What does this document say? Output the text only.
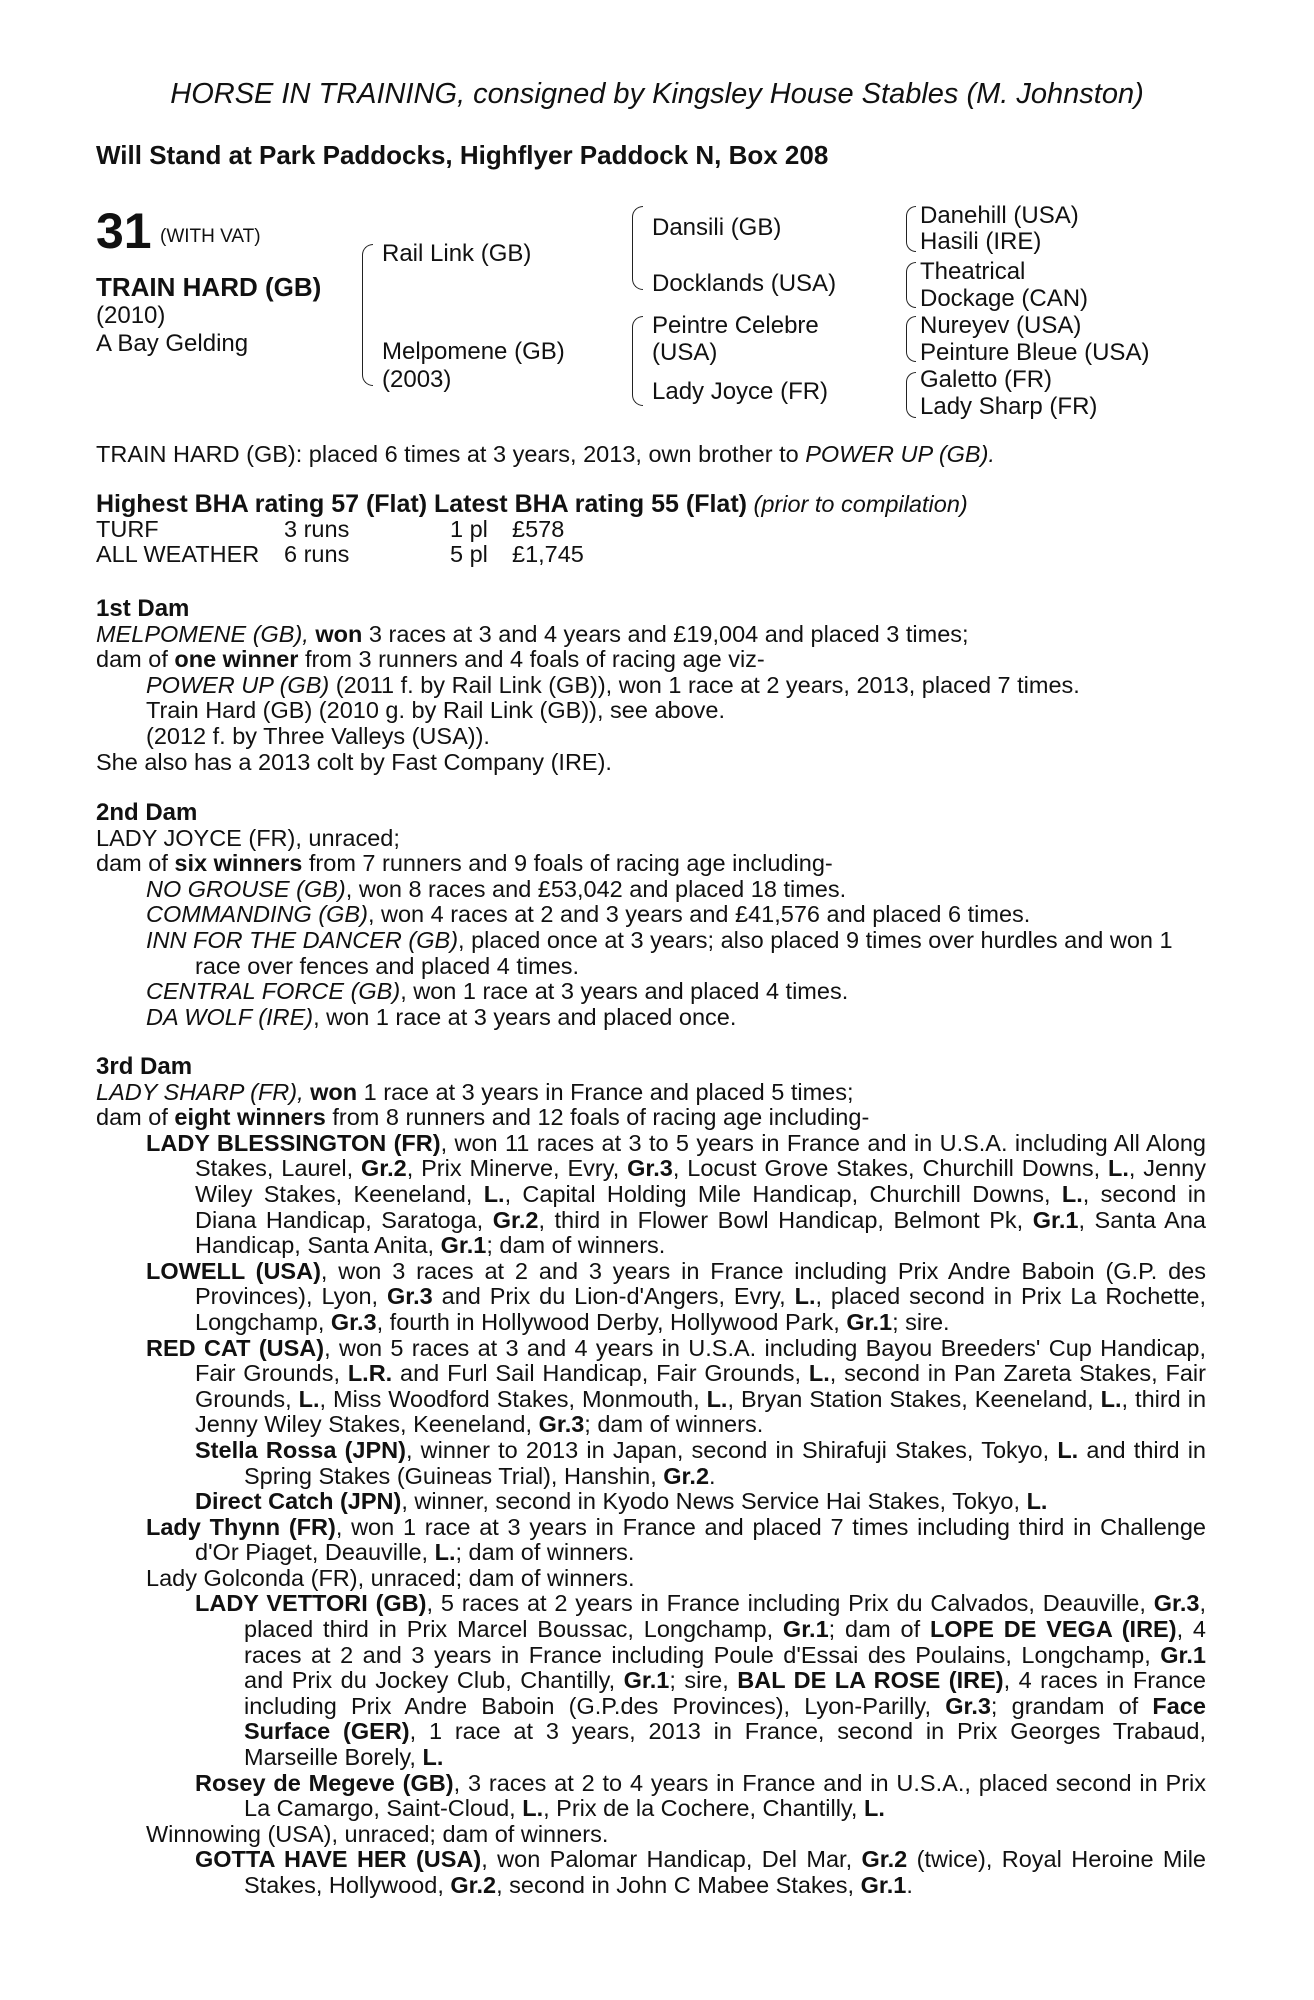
HORSE IN TRAINING, consigned by Kingsley House Stables (M. Johnston)
Will Stand at Park Paddocks, Highflyer Paddock N, Box 208
31 (WITH VAT)
TRAIN HARD (GB)
(2010)
A Bay Gelding
Rail Link (GB)
Melpomene (GB)
(2003)
Dansili (GB)
Docklands (USA)
Peintre Celebre
(USA)
Lady Joyce (FR)
Danehill (USA)
Hasili (IRE)
Theatrical
Dockage (CAN)
Nureyev (USA)
Peinture Bleue (USA)
Galetto (FR)
Lady Sharp (FR)
TRAIN HARD (GB): placed 6 times at 3 years, 2013, own brother to POWER UP (GB).

Highest BHA rating 57 (Flat) Latest BHA rating 55 (Flat) (prior to compilation)

TURF	3 runs	1 pl	£578
ALL WEATHER	6 runs	5 pl	£1,745

1st Dam

MELPOMENE (GB), won 3 races at 3 and 4 years and £19,004 and placed 3 times;

dam of one winner from 3 runners and 4 foals of racing age viz-

POWER UP (GB) (2011 f. by Rail Link (GB)), won 1 race at 2 years, 2013, placed 7 times.

Train Hard (GB) (2010 g. by Rail Link (GB)), see above.

(2012 f. by Three Valleys (USA)).

She also has a 2013 colt by Fast Company (IRE).

2nd Dam

LADY JOYCE (FR), unraced;

dam of six winners from 7 runners and 9 foals of racing age including-

NO GROUSE (GB), won 8 races and £53,042 and placed 18 times.

COMMANDING (GB), won 4 races at 2 and 3 years and £41,576 and placed 6 times.

INN FOR THE DANCER (GB), placed once at 3 years; also placed 9 times over hurdles and won 1 race over fences and placed 4 times.

CENTRAL FORCE (GB), won 1 race at 3 years and placed 4 times.

DA WOLF (IRE), won 1 race at 3 years and placed once.

3rd Dam

LADY SHARP (FR), won 1 race at 3 years in France and placed 5 times;

dam of eight winners from 8 runners and 12 foals of racing age including-

LADY BLESSINGTON (FR), won 11 races at 3 to 5 years in France and in U.S.A. including All Along Stakes, Laurel, Gr.2, Prix Minerve, Evry, Gr.3, Locust Grove Stakes, Churchill Downs, L., Jenny Wiley Stakes, Keeneland, L., Capital Holding Mile Handicap, Churchill Downs, L., second in Diana Handicap, Saratoga, Gr.2, third in Flower Bowl Handicap, Belmont Pk, Gr.1, Santa Ana Handicap, Santa Anita, Gr.1; dam of winners.

LOWELL (USA), won 3 races at 2 and 3 years in France including Prix Andre Baboin (G.P. des Provinces), Lyon, Gr.3 and Prix du Lion-d'Angers, Evry, L., placed second in Prix La Rochette, Longchamp, Gr.3, fourth in Hollywood Derby, Hollywood Park, Gr.1; sire.

RED CAT (USA), won 5 races at 3 and 4 years in U.S.A. including Bayou Breeders' Cup Handicap, Fair Grounds, L.R. and Furl Sail Handicap, Fair Grounds, L., second in Pan Zareta Stakes, Fair Grounds, L., Miss Woodford Stakes, Monmouth, L., Bryan Station Stakes, Keeneland, L., third in Jenny Wiley Stakes, Keeneland, Gr.3; dam of winners.

Stella Rossa (JPN), winner to 2013 in Japan, second in Shirafuji Stakes, Tokyo, L. and third in Spring Stakes (Guineas Trial), Hanshin, Gr.2.

Direct Catch (JPN), winner, second in Kyodo News Service Hai Stakes, Tokyo, L.

Lady Thynn (FR), won 1 race at 3 years in France and placed 7 times including third in Challenge d'Or Piaget, Deauville, L.; dam of winners.

Lady Golconda (FR), unraced; dam of winners.

LADY VETTORI (GB), 5 races at 2 years in France including Prix du Calvados, Deauville, Gr.3, placed third in Prix Marcel Boussac, Longchamp, Gr.1; dam of LOPE DE VEGA (IRE), 4 races at 2 and 3 years in France including Poule d'Essai des Poulains, Longchamp, Gr.1 and Prix du Jockey Club, Chantilly, Gr.1; sire, BAL DE LA ROSE (IRE), 4 races in France including Prix Andre Baboin (G.P.des Provinces), Lyon-Parilly, Gr.3; grandam of Face Surface (GER), 1 race at 3 years, 2013 in France, second in Prix Georges Trabaud, Marseille Borely, L.

Rosey de Megeve (GB), 3 races at 2 to 4 years in France and in U.S.A., placed second in Prix La Camargo, Saint-Cloud, L., Prix de la Cochere, Chantilly, L.

Winnowing (USA), unraced; dam of winners.

GOTTA HAVE HER (USA), won Palomar Handicap, Del Mar, Gr.2 (twice), Royal Heroine Mile Stakes, Hollywood, Gr.2, second in John C Mabee Stakes, Gr.1.
